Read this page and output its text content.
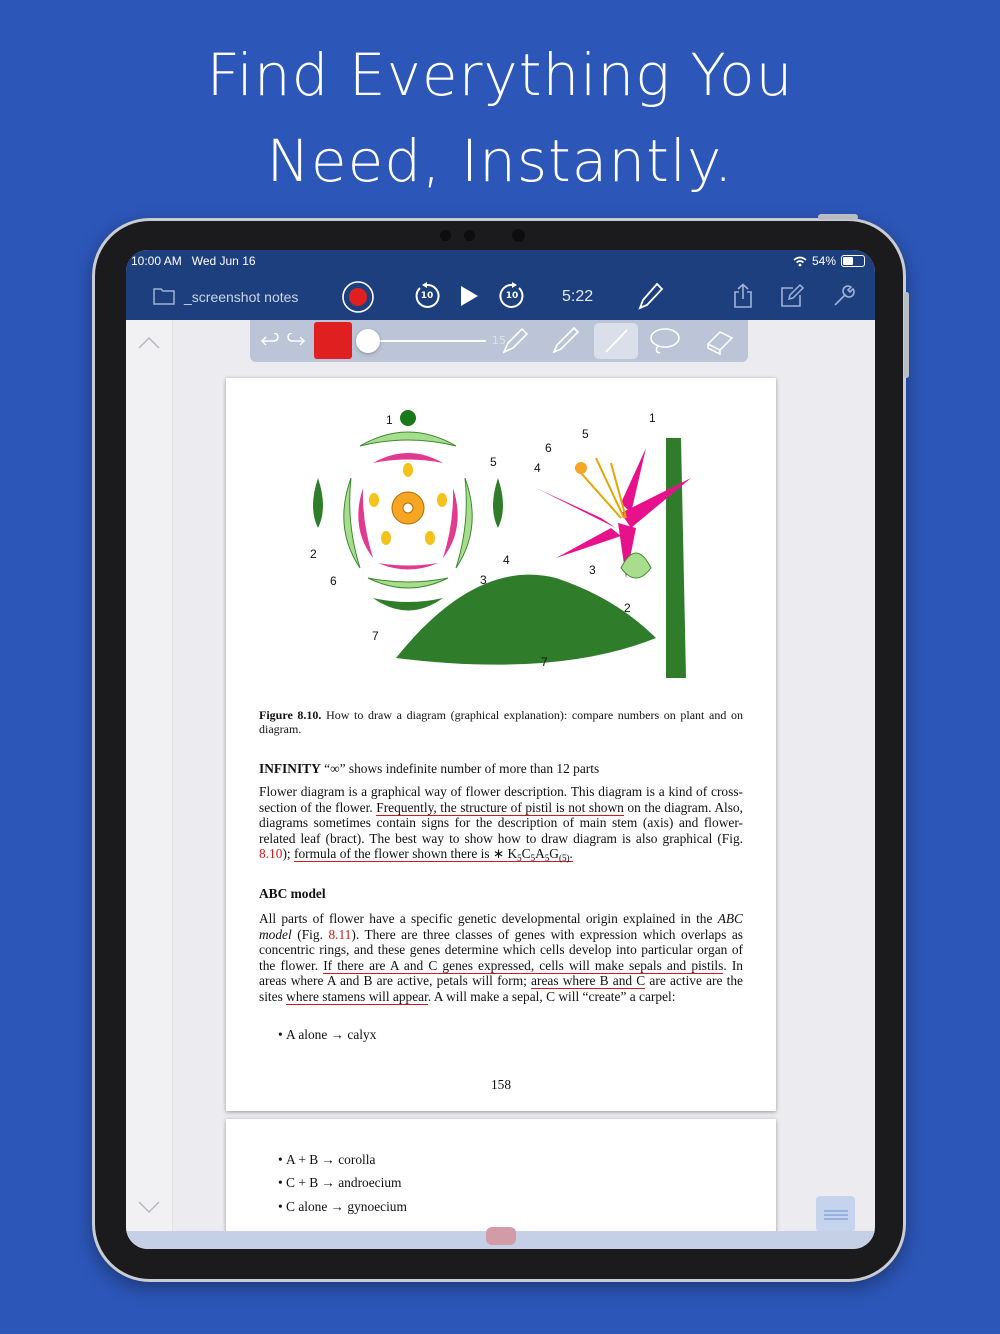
Find Everything You
Need, Instantly.
10:00 AM Wed Jun 16	54%
_screenshot notes	10	10	5:22
1
5
2	4
6	3
7
1
5
6
4
3
2
7
Figure 8.10. How to draw a diagram (graphical explanation): compare numbers on plant and on diagram.
INFINITY “∞” shows indefinite number of more than 12 parts
Flower diagram is a graphical way of flower description. This diagram is a kind of cross-section of the flower. Frequently, the structure of pistil is not shown on the diagram. Also, diagrams sometimes contain signs for the description of main stem (axis) and flower-related leaf (bract). The best way to show how to draw diagram is also graphical (Fig. 8.10); formula of the flower shown there is ∗ $K_5C_5A_5G_{(5)}$.
ABC model
All parts of flower have a specific genetic developmental origin explained in the ABC model (Fig. 8.11). There are three classes of genes with expression which overlaps as concentric rings, and these genes determine which cells develop into particular organ of the flower. If there are A and C genes expressed, cells will make sepals and pistils. In areas where A and B are active, petals will form; areas where B and C are active are the sites where stamens will appear. A will make a sepal, C will “create” a carpel:
• A alone → calyx
158
• A + B → corolla
• C + B → androecium
• C alone → gynoecium
15
